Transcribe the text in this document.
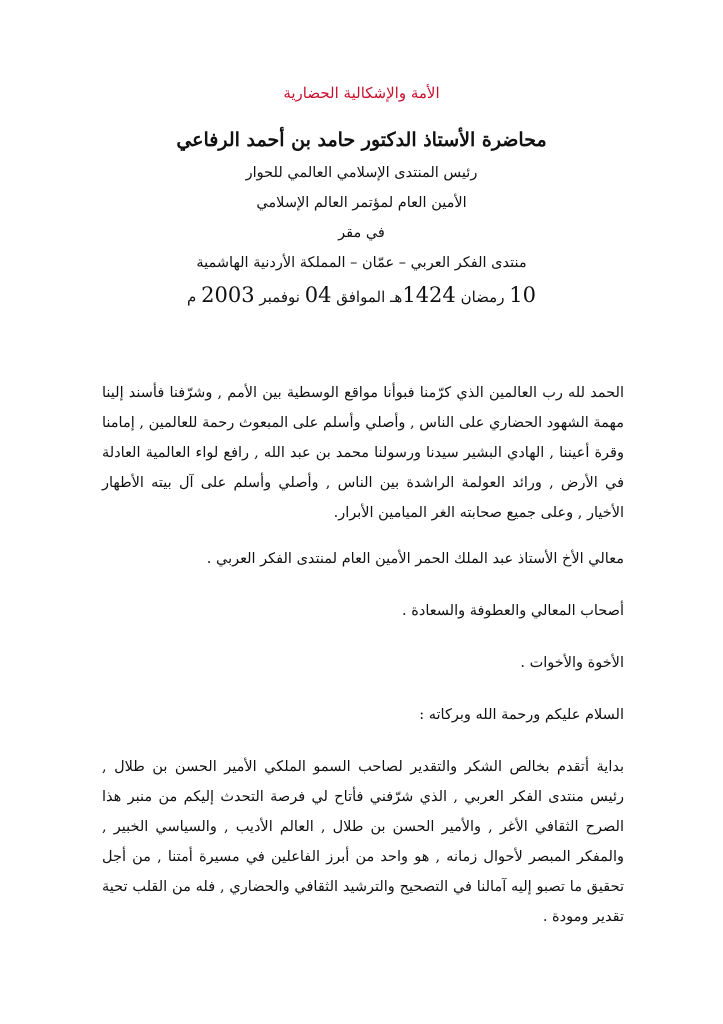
الأمة والإشكالية الحضارية

محاضرة الأستاذ الدكتور حامد بن أحمد الرفاعي

رئيس المنتدى الإسلامي العالمي للحوار

الأمين العام لمؤتمر العالم الإسلامي

في مقر

منتدى الفكر العربي – عمّان – المملكة الأردنية الهاشمية

10 رمضان 1424هـ الموافق 04 نوفمبر 2003 م

الحمد لله رب العالمين الذي كرّمنا فبوأنا مواقع الوسطية بين الأمم , وشرّفنا فأسند إلينا مهمة الشهود الحضاري على الناس , وأصلي وأسلم على المبعوث رحمة للعالمين , إمامنا وقرة أعيننا , الهادي البشير سيدنا ورسولنا محمد بن عبد الله , رافع لواء العالمية العادلة في الأرض , ورائد العولمة الراشدة بين الناس , وأصلي وأسلم على آل بيته الأطهار الأخيار , وعلى جميع صحابته الغر الميامين الأبرار.

معالي الأخ الأستاذ عبد الملك الحمر الأمين العام لمنتدى الفكر العربي .

أصحاب المعالي والعطوفة والسعادة .

الأخوة والأخوات .

السلام عليكم ورحمة الله وبركاته :

بداية أتقدم بخالص الشكر والتقدير لصاحب السمو الملكي الأمير الحسن بن طلال , رئيس منتدى الفكر العربي , الذي شرّفني فأتاح لي فرصة التحدث إليكم من منبر هذا الصرح الثقافي الأغر , والأمير الحسن بن طلال , العالم الأديب , والسياسي الخبير , والمفكر المبصر لأحوال زمانه , هو واحد من أبرز الفاعلين في مسيرة أمتنا , من أجل تحقيق ما تصبو إليه آمالنا في التصحيح والترشيد الثقافي والحضاري , فله من القلب تحية تقدير ومودة .
